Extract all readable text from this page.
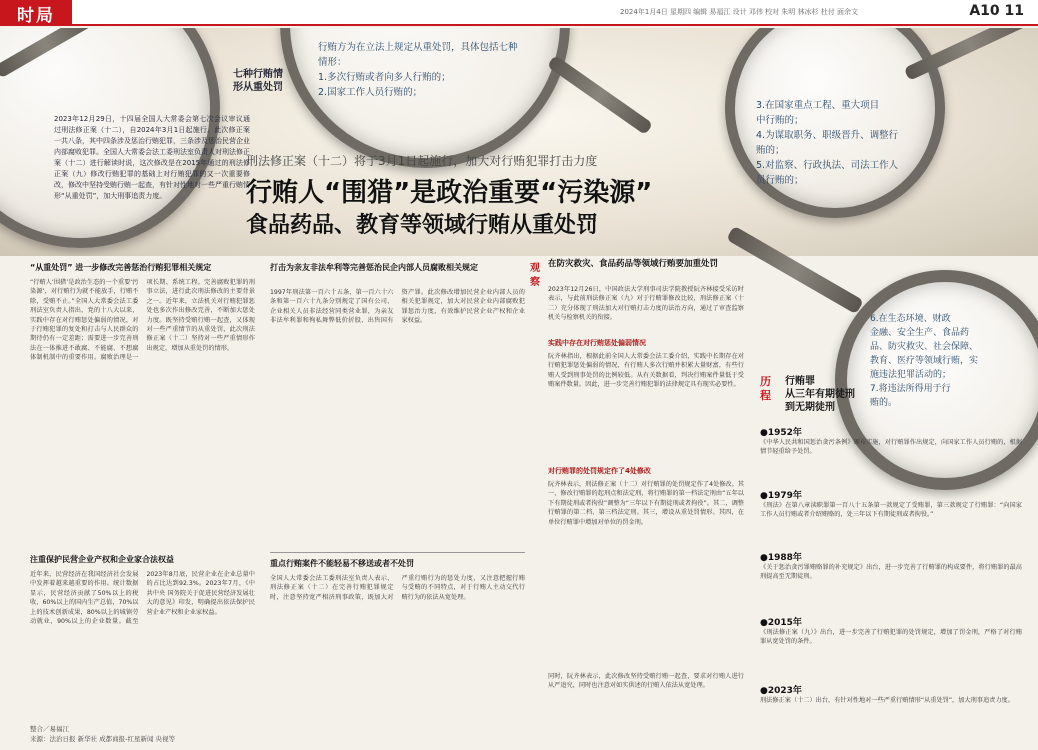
时局	2024年1月4日 星期四 编辑 易福江 设计 邓伟 校对 朱明 林冰杉 杜付 面余文	A10 11
七种行贿情
形从重处罚
2023年12月29日，十四届全国人大常委会第七次会议审议通过刑法修正案（十二），自2024年3月1日起施行。此次修正案一共八条，其中四条涉及惩治行贿犯罪，三条涉及惩治民营企业内部腐败犯罪。全国人大常委会法工委刑法室负责人对刑法修正案（十二）进行解读时说，这次修改是在2015年通过的刑法修正案（九）修改行贿犯罪的基础上对行贿犯罪的又一次重要修改，修改中坚持受贿行贿一起查，有针对性地对一些严重行贿情形“从重处罚”，加大刑事追责力度。
行贿方为在立法上规定从重处罚，具体包括七种情形：
1.多次行贿或者向多人行贿的；
2.国家工作人员行贿的；
3.在国家重点工程、重大项目
中行贿的；
4.为谋取职务、职级晋升、调整行
贿的；
5.对监察、行政执法、司法工作人
员行贿的；
刑法修正案（十二）将于3月1日起施行，加大对行贿犯罪打击力度
行贿人“围猎”是政治重要“污染源”
食品药品、教育等领域行贿从重处罚
“从重处罚” 进一步修改完善惩治行贿犯罪相关规定
“行贿人‘围猎’是政治生态的一个重要‘污染源’，对行贿行为就不能放手，行贿不除，受贿不止。”全国人大常委会法工委刑法室负责人指出，党的十八大以来，实践中存在对行贿惩处偏弱的情况，对于行贿犯罪的复处和打击与人民群众的期待仍有一定差距；需要进一步完善刑法在一体推进不敢腐、不能腐、不想腐体制机制中的重要作用。腐败治理是一项长期、系统工程。完善腐败犯罪的刑事立法，进行此次刑法修改的主要背景之一。近年来，立法机关对行贿犯罪惩处也多次作出修改完善，不断加大惩处力度。既坚持受贿行贿一起查，又体现对一些严重情节的从重处罚，此次刑法修正案（十二）坚持对一些严重情形作出规定，增加从重处罚的情形。
注重保护民营企业产权和企业家合法权益
近年来，民营经济在我国经济社会发展中发挥着越来越重要的作用。统计数据显示，民营经济贡献了50%以上的税收，60%以上的国内生产总值，70%以上的技术创新成果，80%以上的城镇劳动就业，90%以上的企业数量。截至2023年8月底，民营企业在企业总量中的占比达到92.3%。2023年7月，《中共中央 国务院关于促进民营经济发展壮大的意见》印发，明确提出依法保护民营企业产权和企业家权益。
整合／易福江
来源：法治日报 新华社 成都商报-红星新闻 央视等
打击为亲友非法牟利等完善惩治民企内部人员腐败相关规定
1997年刑法第一百六十五条、第一百六十六条和第一百六十九条分别规定了国有公司、企业相关人员非法经营同类营业罪，为亲友非法牟利罪和徇私舞弊低价折股、出售国有资产罪。此次修改增加民营企业内部人员的相关犯罪规定，加大对民营企业内部腐败犯罪惩治力度，有效维护民营企业产权和企业家权益。
重点行贿案件不能轻易不移送或者不处罚
全国人大常委会法工委刑法室负责人表示，刑法修正案（十二）在完善行贿犯罪规定时，注意坚持宽严相济刑事政策，既加大对严重行贿行为的惩处力度，又注意把握行贿与受贿的不同特点，对于行贿人主动交代行贿行为的依法从宽处理。
观察
在防灾救灾、食品药品等领域行贿要加重处罚
2023年12月26日，中国政法大学刑事司法学院教授阮齐林接受采访时表示，与此前刑法修正案（九）对于行贿罪修改比较，刑法修正案（十二）充分体现了刑法加大对行贿打击力度的法治方向，通过了审查监察机关与检察机关的衔接。
实践中存在对行贿惩处偏弱情况
阮齐林指出，根据此前全国人大常委会法工委介绍，实践中长期存在对行贿犯罪惩处偏弱的情况，有行贿人多次行贿并积累大量财富，有些行贿人受到刑事处罚的比例较低。从有关数据看，判决行贿案件量低于受贿案件数量。因此，进一步完善行贿犯罪的法律规定具有现实必要性。
对行贿罪的处罚规定作了4处修改
阮齐林表示，刑法修正案（十二）对行贿罪的处罚规定作了4处修改。其一，修改行贿罪的起刑点和法定刑，将行贿罪的第一档法定刑由“五年以下有期徒刑或者拘役”调整为“三年以下有期徒刑或者拘役”。其二，调整行贿罪的第二档、第三档法定刑。其三，增设从重处罚情形。其四，在单位行贿罪中增加对单位的罚金刑。
同时，阮齐林表示，此次修改坚持受贿行贿一起查，要求对行贿人进行从严追究，同时也注意对如实供述的行贿人依法从宽处理。
6.在生态环境、财政
金融、安全生产、食品药
品、防灾救灾、社会保障、
教育、医疗等领域行贿，实
施违法犯罪活动的；
7.将违法所得用于行
贿的。
历程
行贿罪
从三年有期徒刑
到无期徒刑
●1952年
《中华人民共和国惩治贪污条例》颁布实施，对行贿罪作出规定，向国家工作人员行贿的，根据情节轻重给予处罚。
●1979年
《刑法》在第八章渎职罪第一百八十五条第一款规定了受贿罪，第三款规定了行贿罪：“向国家工作人员行贿或者介绍贿赂的，处三年以下有期徒刑或者拘役。”
●1988年
《关于惩治贪污罪贿赂罪的补充规定》出台，进一步完善了行贿罪的构成要件，将行贿罪的最高刑提高至无期徒刑。
●2015年
《刑法修正案（九）》出台，进一步完善了行贿犯罪的处罚规定，增加了罚金刑，严格了对行贿罪从宽处罚的条件。
●2023年
刑法修正案（十二）出台，有针对性地对一些严重行贿情形“从重处罚”，加大刑事追责力度。
